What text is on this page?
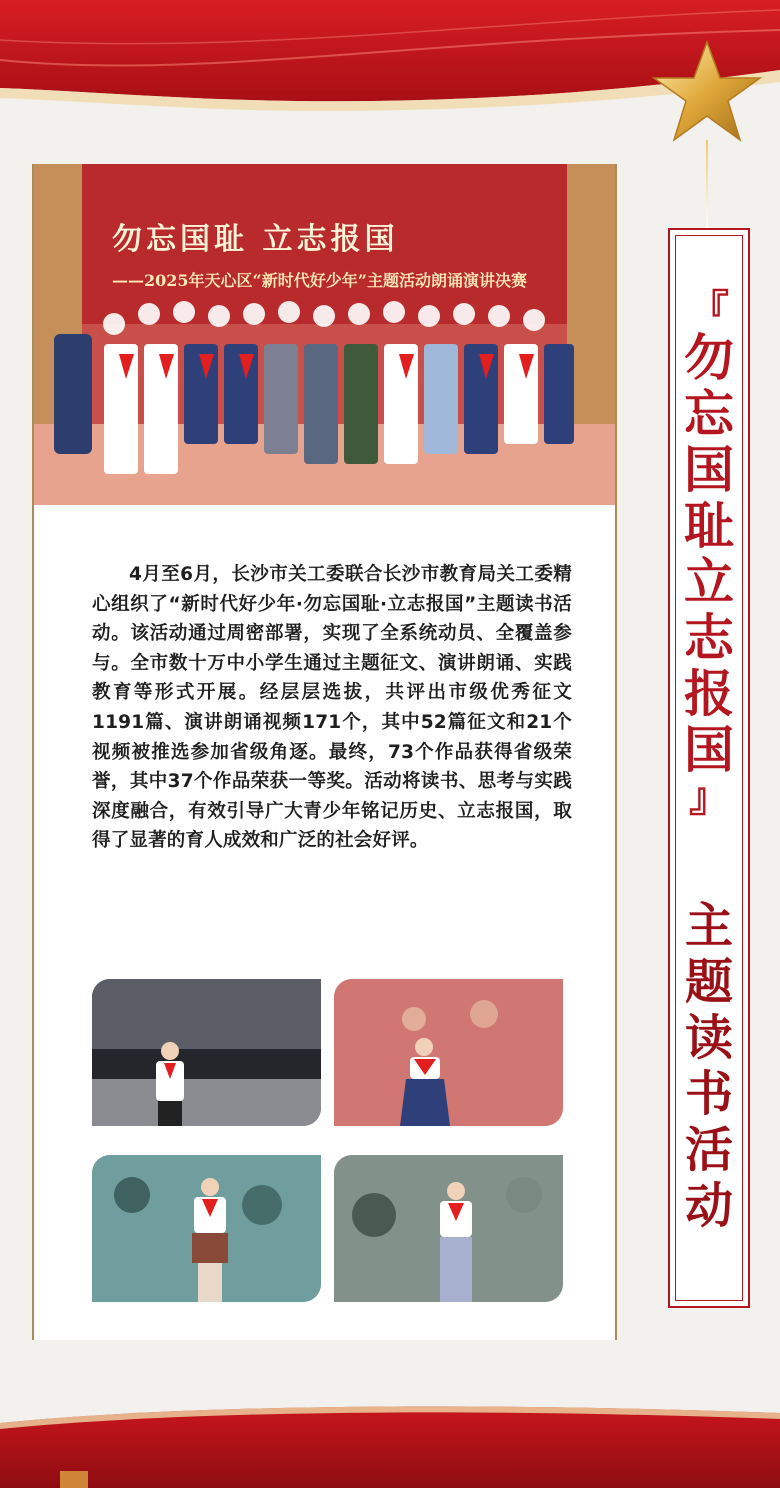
勿忘国耻 立志报国
——2025年天心区“新时代好少年”主题活动朗诵演讲决赛
4月至6月，长沙市关工委联合长沙市教育局关工委精心组织了“新时代好少年·勿忘国耻·立志报国”主题读书活动。该活动通过周密部署，实现了全系统动员、全覆盖参与。全市数十万中小学生通过主题征文、演讲朗诵、实践教育等形式开展。经层层选拔，共评出市级优秀征文1191篇、演讲朗诵视频171个，其中52篇征文和21个视频被推选参加省级角逐。最终，73个作品获得省级荣誉，其中37个作品荣获一等奖。活动将读书、思考与实践深度融合，有效引导广大青少年铭记历史、立志报国，取得了显著的育人成效和广泛的社会好评。
『
勿
忘
国
耻
立
志
报
国
』
主
题
读
书
活
动
